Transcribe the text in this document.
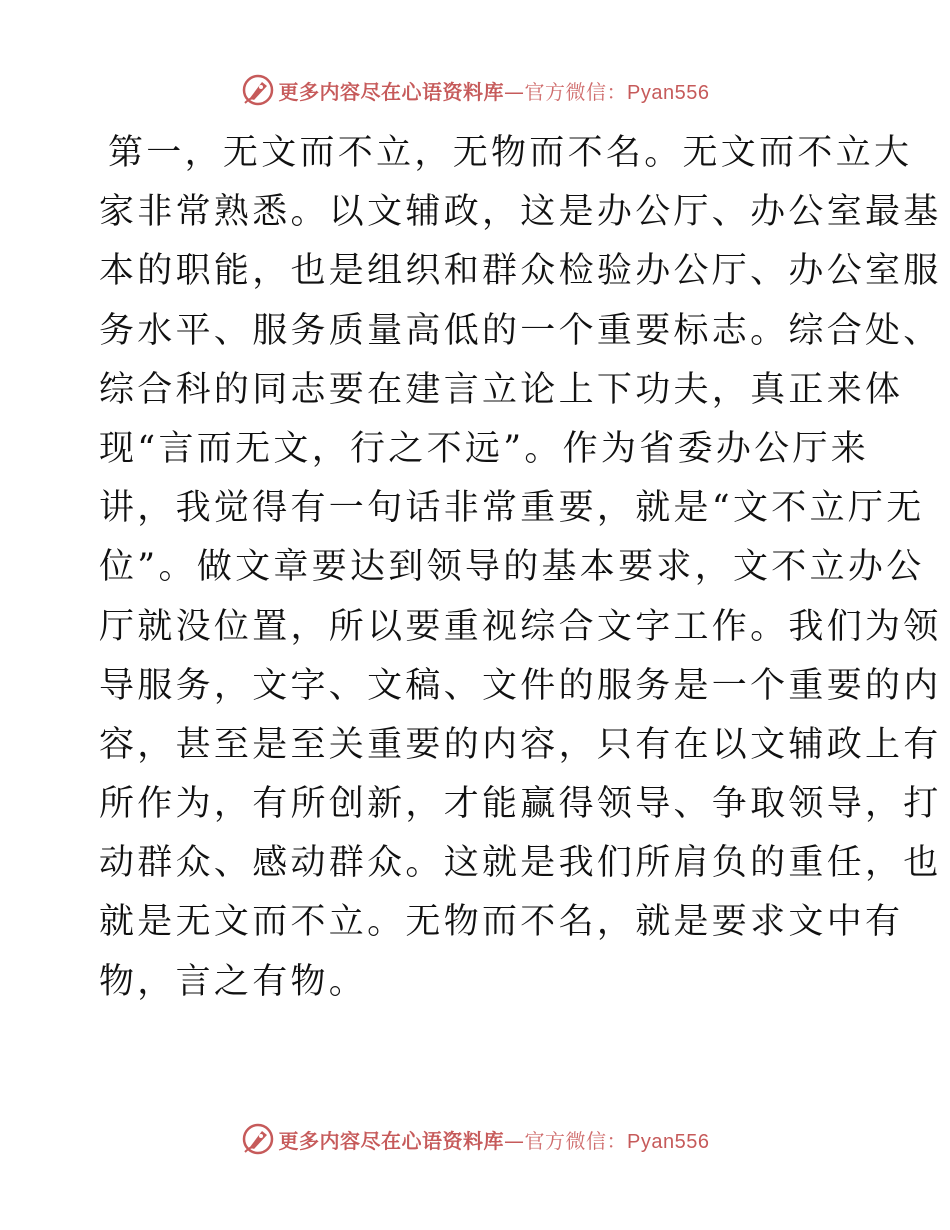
更多内容尽在心语资料库—官方微信：Pyan556
第一，无文而不立，无物而不名。无文而不立大
家非常熟悉。以文辅政，这是办公厅、办公室最基
本的职能，也是组织和群众检验办公厅、办公室服
务水平、服务质量高低的一个重要标志。综合处、
综合科的同志要在建言立论上下功夫，真正来体
现“言而无文，行之不远”。作为省委办公厅来
讲，我觉得有一句话非常重要，就是“文不立厅无
位”。做文章要达到领导的基本要求，文不立办公
厅就没位置，所以要重视综合文字工作。我们为领
导服务，文字、文稿、文件的服务是一个重要的内
容，甚至是至关重要的内容，只有在以文辅政上有
所作为，有所创新，才能赢得领导、争取领导，打
动群众、感动群众。这就是我们所肩负的重任，也
就是无文而不立。无物而不名，就是要求文中有
物，言之有物。
更多内容尽在心语资料库—官方微信：Pyan556
